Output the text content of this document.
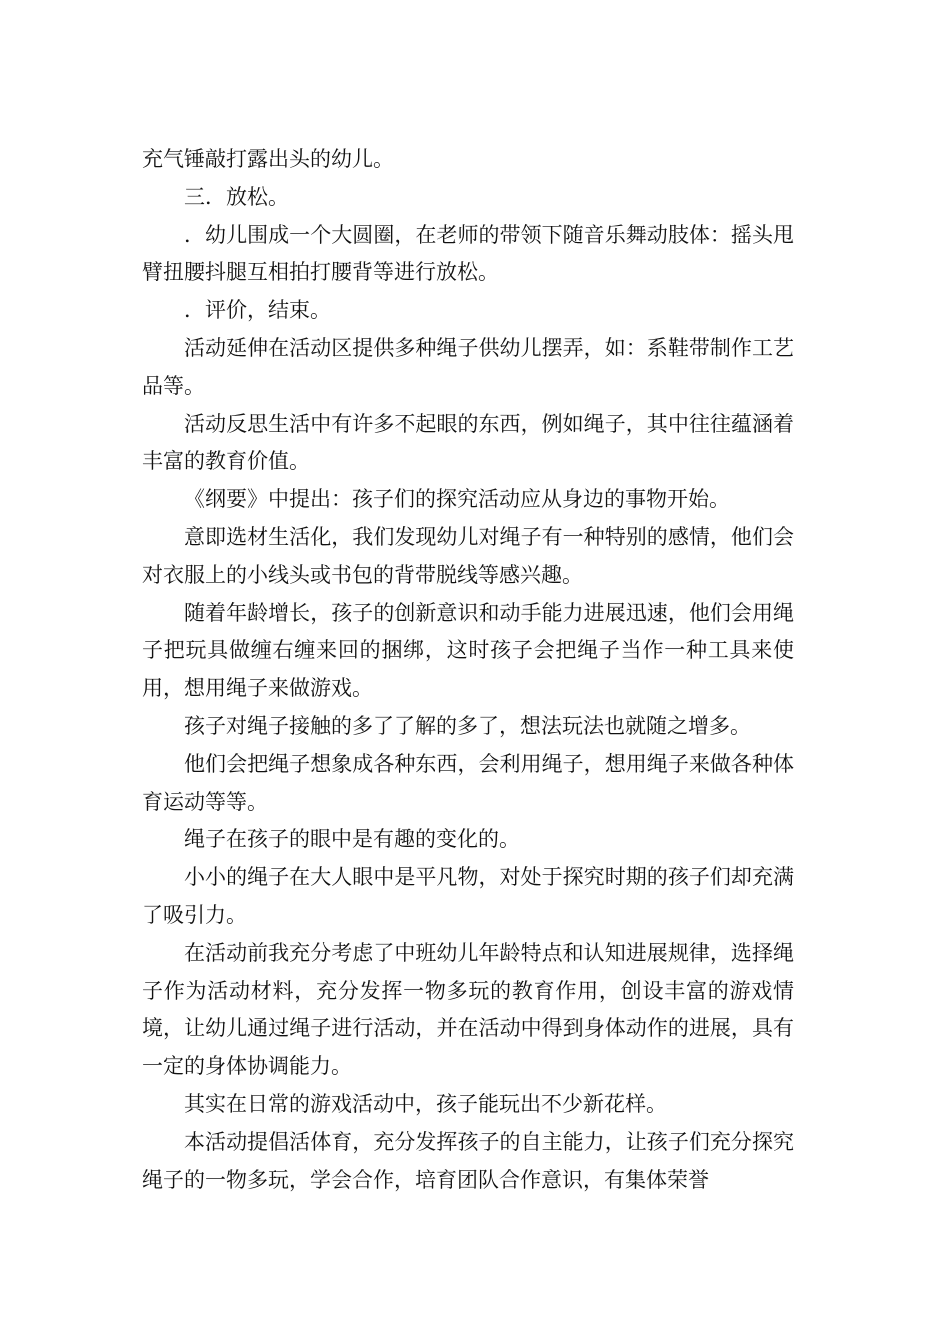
充气锤敲打露出头的幼儿。

三．放松。

．幼儿围成一个大圆圈，在老师的带领下随音乐舞动肢体：摇头甩臂扭腰抖腿互相拍打腰背等进行放松。

．评价，结束。

活动延伸在活动区提供多种绳子供幼儿摆弄，如：系鞋带制作工艺品等。

活动反思生活中有许多不起眼的东西，例如绳子，其中往往蕴涵着丰富的教育价值。

《纲要》中提出：孩子们的探究活动应从身边的事物开始。

意即选材生活化，我们发现幼儿对绳子有一种特别的感情，他们会对衣服上的小线头或书包的背带脱线等感兴趣。

随着年龄增长，孩子的创新意识和动手能力进展迅速，他们会用绳子把玩具做缠右缠来回的捆绑，这时孩子会把绳子当作一种工具来使用，想用绳子来做游戏。

孩子对绳子接触的多了了解的多了，想法玩法也就随之增多。

他们会把绳子想象成各种东西，会利用绳子，想用绳子来做各种体育运动等等。

绳子在孩子的眼中是有趣的变化的。

小小的绳子在大人眼中是平凡物，对处于探究时期的孩子们却充满了吸引力。

在活动前我充分考虑了中班幼儿年龄特点和认知进展规律，选择绳子作为活动材料，充分发挥一物多玩的教育作用，创设丰富的游戏情境，让幼儿通过绳子进行活动，并在活动中得到身体动作的进展，具有一定的身体协调能力。

其实在日常的游戏活动中，孩子能玩出不少新花样。

本活动提倡活体育，充分发挥孩子的自主能力，让孩子们充分探究绳子的一物多玩，学会合作，培育团队合作意识，有集体荣誉
